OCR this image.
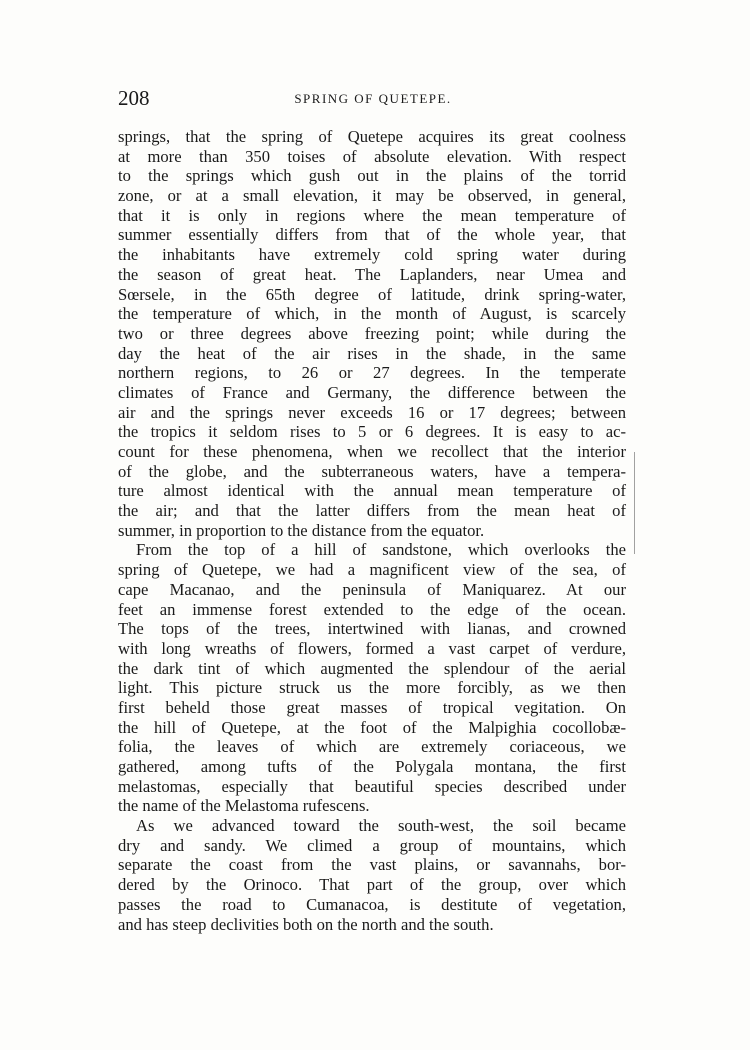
208	SPRING OF QUETEPE.
springs, that the spring of Quetepe acquires its great coolness
at more than 350 toises of absolute elevation. With respect
to the springs which gush out in the plains of the torrid
zone, or at a small elevation, it may be observed, in general,
that it is only in regions where the mean temperature of
summer essentially differs from that of the whole year, that
the inhabitants have extremely cold spring water during
the season of great heat. The Laplanders, near Umea and
Sœrsele, in the 65th degree of latitude, drink spring-water,
the temperature of which, in the month of August, is scarcely
two or three degrees above freezing point; while during the
day the heat of the air rises in the shade, in the same
northern regions, to 26 or 27 degrees. In the temperate
climates of France and Germany, the difference between the
air and the springs never exceeds 16 or 17 degrees; between
the tropics it seldom rises to 5 or 6 degrees. It is easy to ac-
count for these phenomena, when we recollect that the interior
of the globe, and the subterraneous waters, have a tempera-
ture almost identical with the annual mean temperature of
the air; and that the latter differs from the mean heat of
summer, in proportion to the distance from the equator.
From the top of a hill of sandstone, which overlooks the
spring of Quetepe, we had a magnificent view of the sea, of
cape Macanao, and the peninsula of Maniquarez. At our
feet an immense forest extended to the edge of the ocean.
The tops of the trees, intertwined with lianas, and crowned
with long wreaths of flowers, formed a vast carpet of verdure,
the dark tint of which augmented the splendour of the aerial
light. This picture struck us the more forcibly, as we then
first beheld those great masses of tropical vegitation. On
the hill of Quetepe, at the foot of the Malpighia cocollobæ-
folia, the leaves of which are extremely coriaceous, we
gathered, among tufts of the Polygala montana, the first
melastomas, especially that beautiful species described under
the name of the Melastoma rufescens.
As we advanced toward the south-west, the soil became
dry and sandy. We climed a group of mountains, which
separate the coast from the vast plains, or savannahs, bor-
dered by the Orinoco. That part of the group, over which
passes the road to Cumanacoa, is destitute of vegetation,
and has steep declivities both on the north and the south.
